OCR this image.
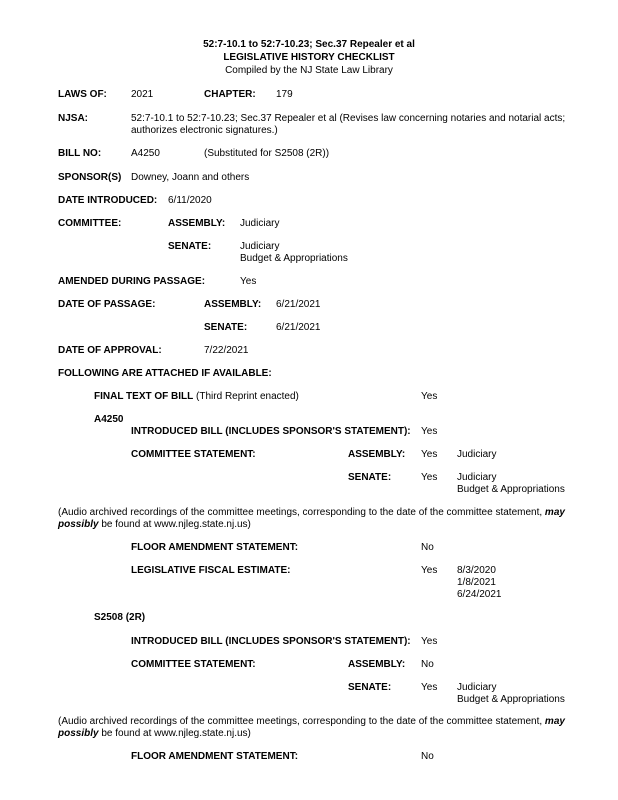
52:7-10.1 to 52:7-10.23; Sec.37 Repealer et al
LEGISLATIVE HISTORY CHECKLIST
Compiled by the NJ State Law Library
LAWS OF: 2021	CHAPTER: 179
NJSA:	52:7-10.1 to 52:7-10.23; Sec.37 Repealer et al (Revises law concerning notaries and notarial acts;
authorizes electronic signatures.)
BILL NO:	A4250	(Substituted for S2508 (2R))
SPONSOR(S) Downey, Joann and others
DATE INTRODUCED: 6/11/2020
COMMITTEE:	ASSEMBLY: Judiciary
SENATE:	Judiciary
Budget & Appropriations
AMENDED DURING PASSAGE:	Yes
DATE OF PASSAGE:	ASSEMBLY: 6/21/2021
SENATE:	6/21/2021
DATE OF APPROVAL:	7/22/2021
FOLLOWING ARE ATTACHED IF AVAILABLE:
FINAL TEXT OF BILL (Third Reprint enacted)	Yes
A4250
INTRODUCED BILL (INCLUDES SPONSOR'S STATEMENT): Yes
COMMITTEE STATEMENT:	ASSEMBLY: Yes Judiciary
SENATE:	Yes Judiciary
Budget & Appropriations
(Audio archived recordings of the committee meetings, corresponding to the date of the committee statement, may possibly be found at www.njleg.state.nj.us)
FLOOR AMENDMENT STATEMENT:	No
LEGISLATIVE FISCAL ESTIMATE:	Yes 8/3/2020
1/8/2021
6/24/2021
S2508 (2R)
INTRODUCED BILL (INCLUDES SPONSOR'S STATEMENT): Yes
COMMITTEE STATEMENT:	ASSEMBLY: No
SENATE:	Yes Judiciary
Budget & Appropriations
(Audio archived recordings of the committee meetings, corresponding to the date of the committee statement, may possibly be found at www.njleg.state.nj.us)
FLOOR AMENDMENT STATEMENT:	No
